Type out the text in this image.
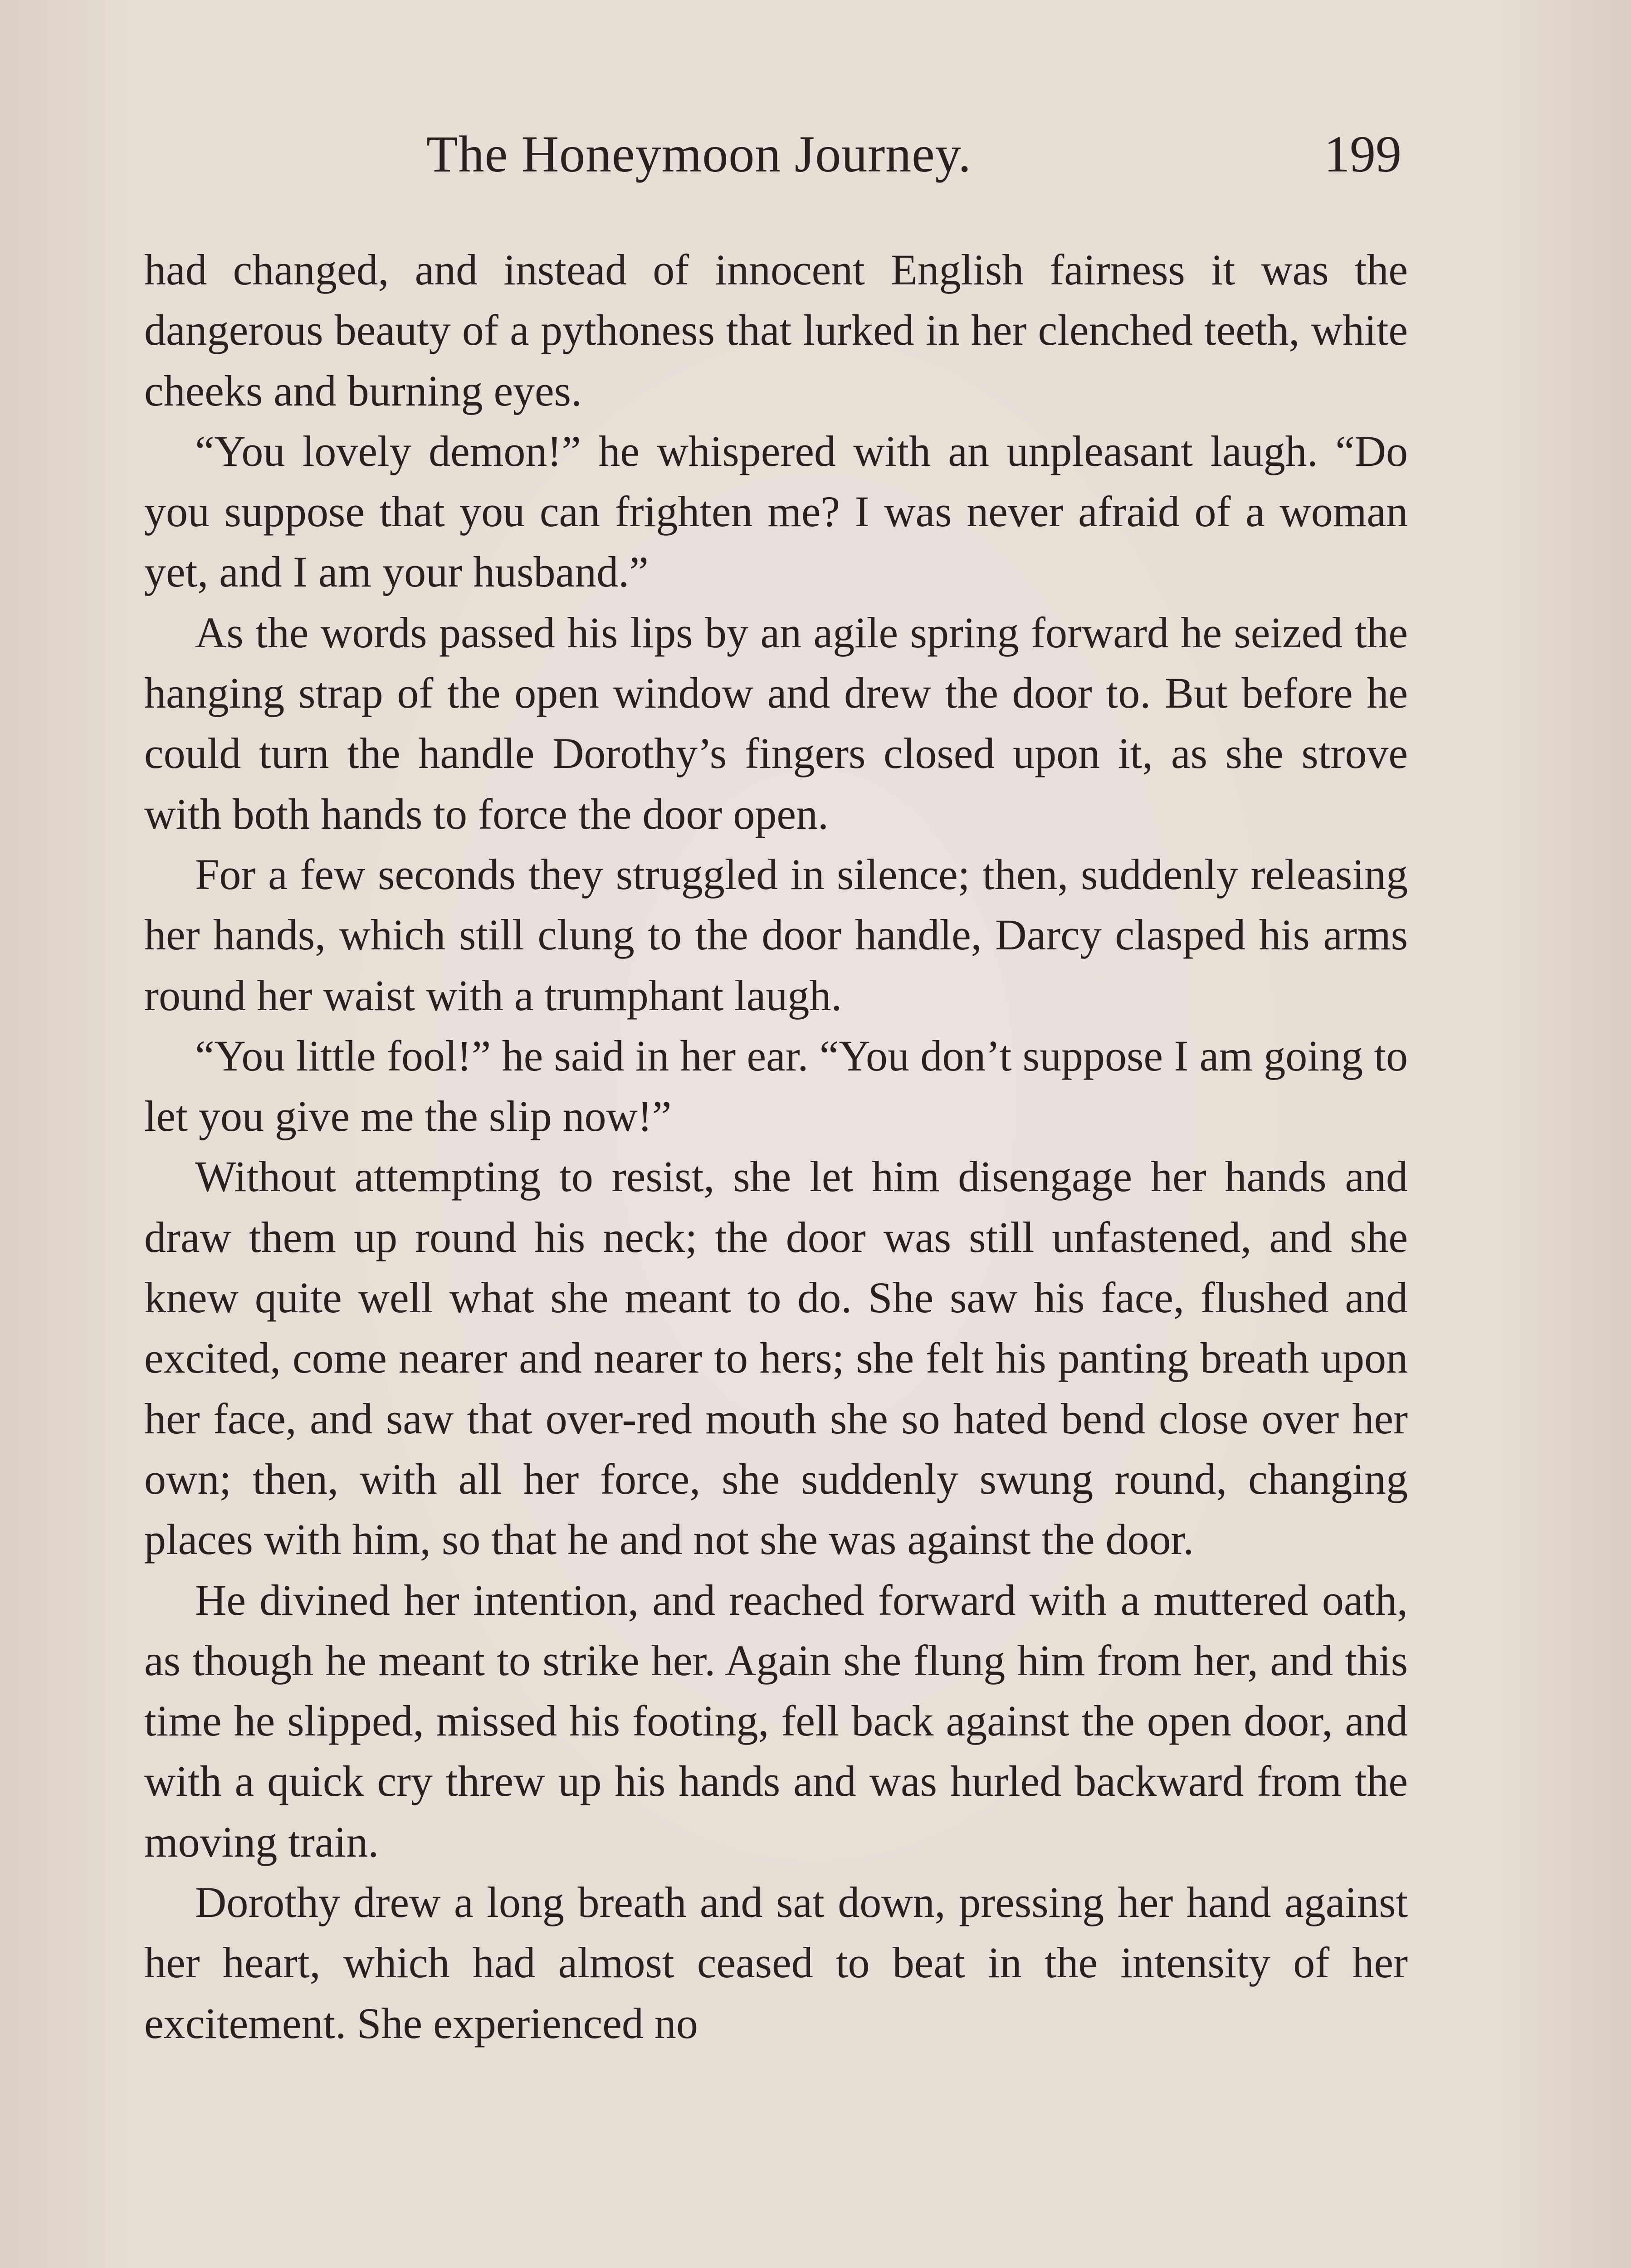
The Honeymoon Journey.	199

had changed, and instead of innocent English fairness it was the dangerous beauty of a pythoness that lurked in her clenched teeth, white cheeks and burning eyes.

“You lovely demon!” he whispered with an unpleasant laugh. “Do you suppose that you can frighten me? I was never afraid of a woman yet, and I am your husband.”

As the words passed his lips by an agile spring forward he seized the hanging strap of the open window and drew the door to. But before he could turn the handle Dorothy’s fingers closed upon it, as she strove with both hands to force the door open.

For a few seconds they struggled in silence; then, suddenly releasing her hands, which still clung to the door handle, Darcy clasped his arms round her waist with a trumphant laugh.

“You little fool!” he said in her ear. “You don’t suppose I am going to let you give me the slip now!”

Without attempting to resist, she let him disengage her hands and draw them up round his neck; the door was still unfastened, and she knew quite well what she meant to do. She saw his face, flushed and excited, come nearer and nearer to hers; she felt his panting breath upon her face, and saw that over-red mouth she so hated bend close over her own; then, with all her force, she suddenly swung round, changing places with him, so that he and not she was against the door.

He divined her intention, and reached forward with a muttered oath, as though he meant to strike her. Again she flung him from her, and this time he slipped, missed his footing, fell back against the open door, and with a quick cry threw up his hands and was hurled backward from the moving train.

Dorothy drew a long breath and sat down, pressing her hand against her heart, which had almost ceased to beat in the intensity of her excitement. She experienced no
